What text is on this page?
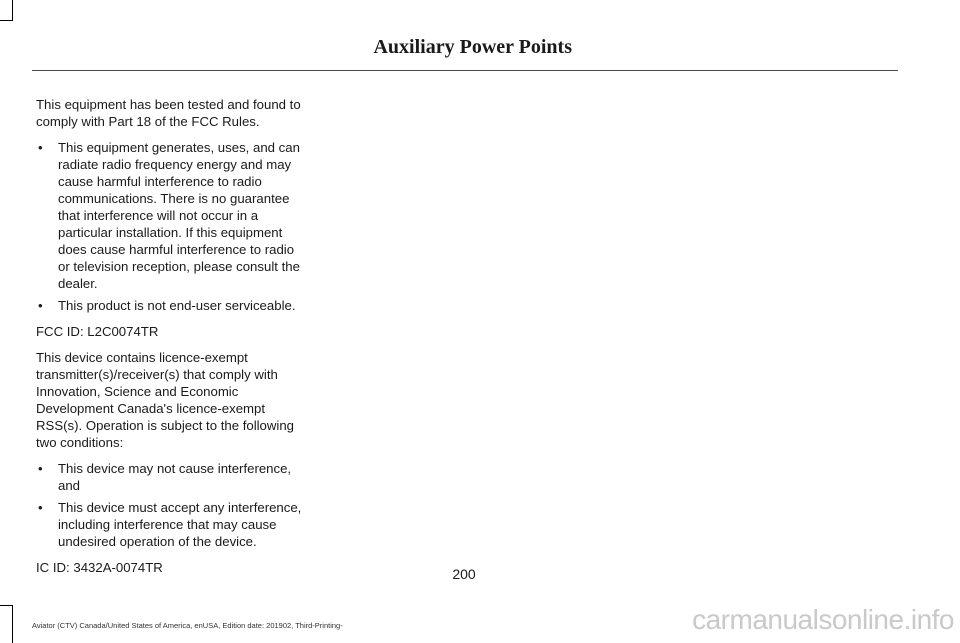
Auxiliary Power Points

This equipment has been tested and found to comply with Part 18 of the FCC Rules.

• This equipment generates, uses, and can radiate radio frequency energy and may cause harmful interference to radio communications. There is no guarantee that interference will not occur in a particular installation. If this equipment does cause harmful interference to radio or television reception, please consult the dealer.
• This product is not end-user serviceable.

FCC ID: L2C0074TR

This device contains licence-exempt transmitter(s)/receiver(s) that comply with Innovation, Science and Economic Development Canada's licence-exempt RSS(s). Operation is subject to the following two conditions:

• This device may not cause interference, and
• This device must accept any interference, including interference that may cause undesired operation of the device.

IC ID: 3432A-0074TR	200
Aviator (CTV) Canada/United States of America, enUSA, Edition date: 201902, Third-Printing-	carmanualsonline.info
